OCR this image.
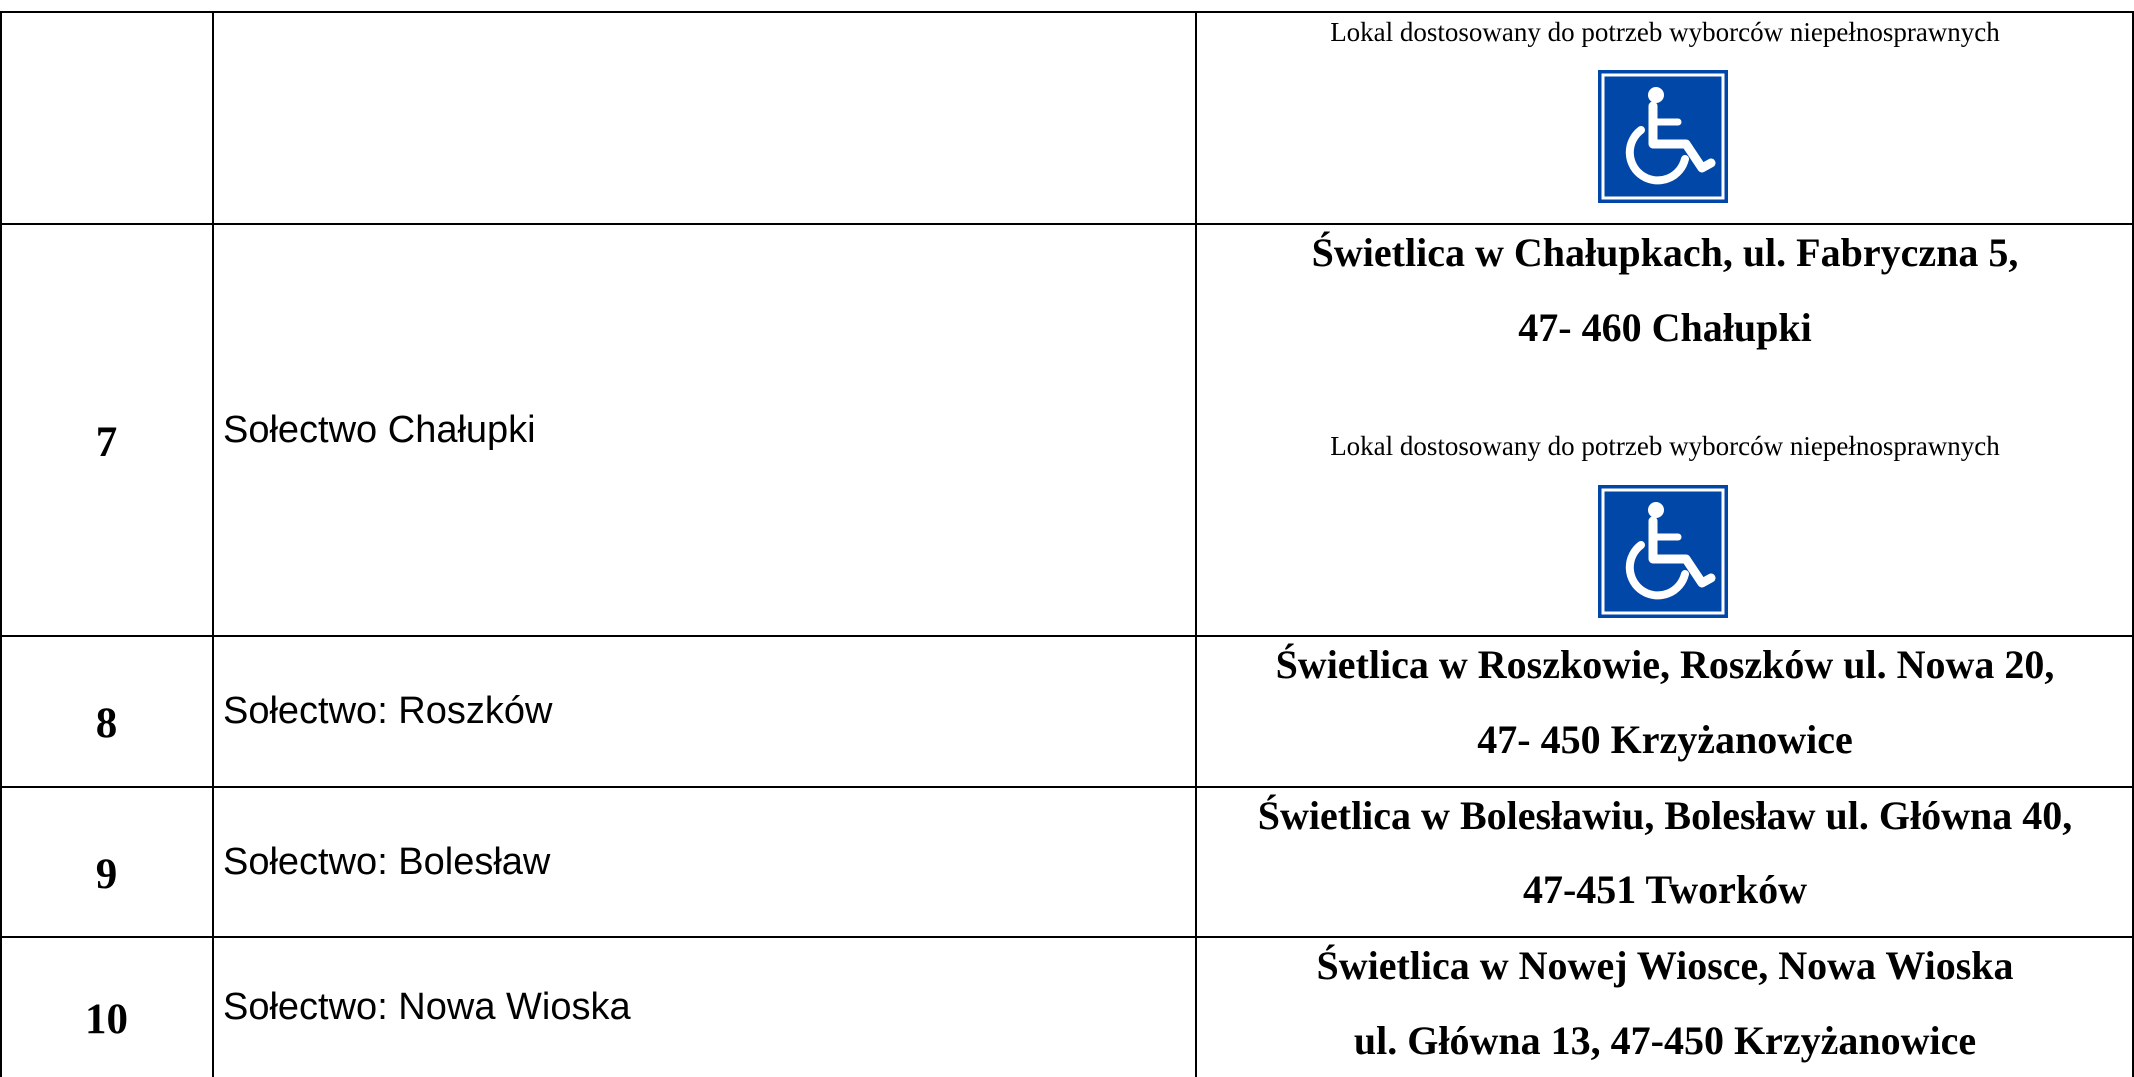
Lokal dostosowany do potrzeb wyborców niepełnosprawnych
7	Sołectwo Chałupki
Świetlica w Chałupkach, ul. Fabryczna 5,
47- 460 Chałupki
Lokal dostosowany do potrzeb wyborców niepełnosprawnych
8	Sołectwo: Roszków
Świetlica w Roszkowie, Roszków ul. Nowa 20,
47- 450 Krzyżanowice
9	Sołectwo: Bolesław
Świetlica w Bolesławiu, Bolesław ul. Główna 40,
47-451 Tworków
10	Sołectwo: Nowa Wioska
Świetlica w Nowej Wiosce, Nowa Wioska
ul. Główna 13, 47-450 Krzyżanowice
